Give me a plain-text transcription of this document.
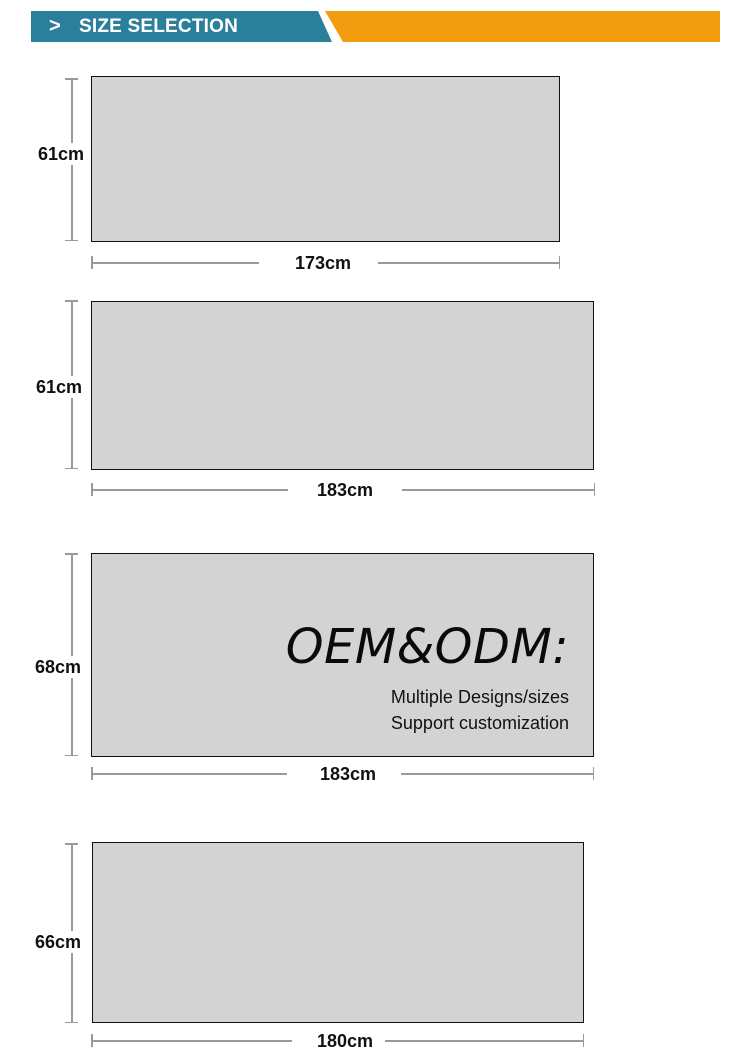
> SIZE SELECTION
61cm
173cm
61cm
183cm
OEM&ODM:
Multiple Designs/sizes
Support customization
68cm
183cm
66cm
180cm
